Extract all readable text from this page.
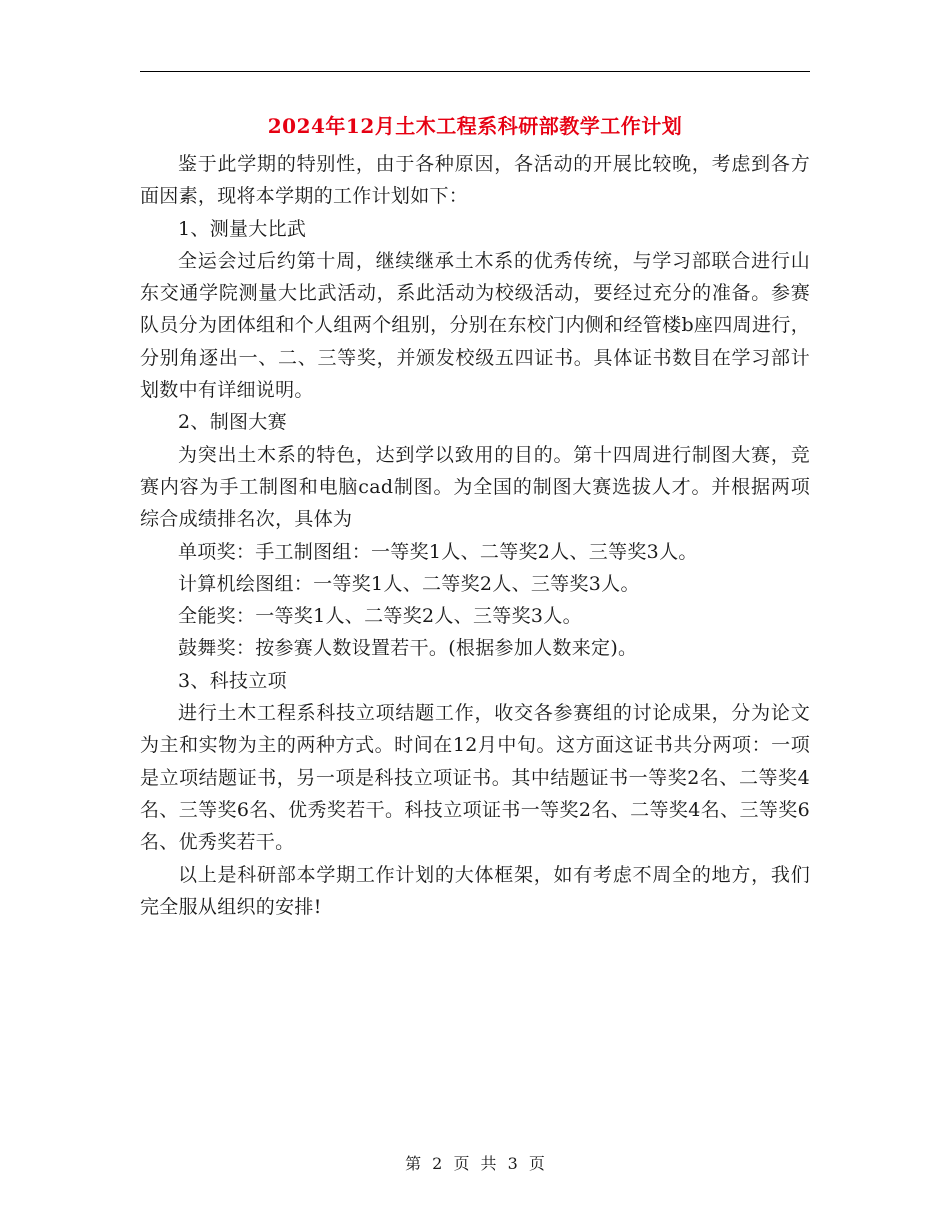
2024年12月土木工程系科研部教学工作计划

鉴于此学期的特别性，由于各种原因，各活动的开展比较晚，考虑到各方面因素，现将本学期的工作计划如下：

1、测量大比武

全运会过后约第十周，继续继承土木系的优秀传统，与学习部联合进行山东交通学院测量大比武活动，系此活动为校级活动，要经过充分的准备。参赛队员分为团体组和个人组两个组别，分别在东校门内侧和经管楼b座四周进行，分别角逐出一、二、三等奖，并颁发校级五四证书。具体证书数目在学习部计划数中有详细说明。

2、制图大赛

为突出土木系的特色，达到学以致用的目的。第十四周进行制图大赛，竞赛内容为手工制图和电脑cad制图。为全国的制图大赛选拔人才。并根据两项综合成绩排名次，具体为

单项奖：手工制图组：一等奖1人、二等奖2人、三等奖3人。

计算机绘图组：一等奖1人、二等奖2人、三等奖3人。

全能奖：一等奖1人、二等奖2人、三等奖3人。

鼓舞奖：按参赛人数设置若干。(根据参加人数来定)。

3、科技立项

进行土木工程系科技立项结题工作，收交各参赛组的讨论成果，分为论文为主和实物为主的两种方式。时间在12月中旬。这方面这证书共分两项：一项是立项结题证书，另一项是科技立项证书。其中结题证书一等奖2名、二等奖4名、三等奖6名、优秀奖若干。科技立项证书一等奖2名、二等奖4名、三等奖6名、优秀奖若干。

以上是科研部本学期工作计划的大体框架，如有考虑不周全的地方，我们完全服从组织的安排!

第 2 页 共 3 页
